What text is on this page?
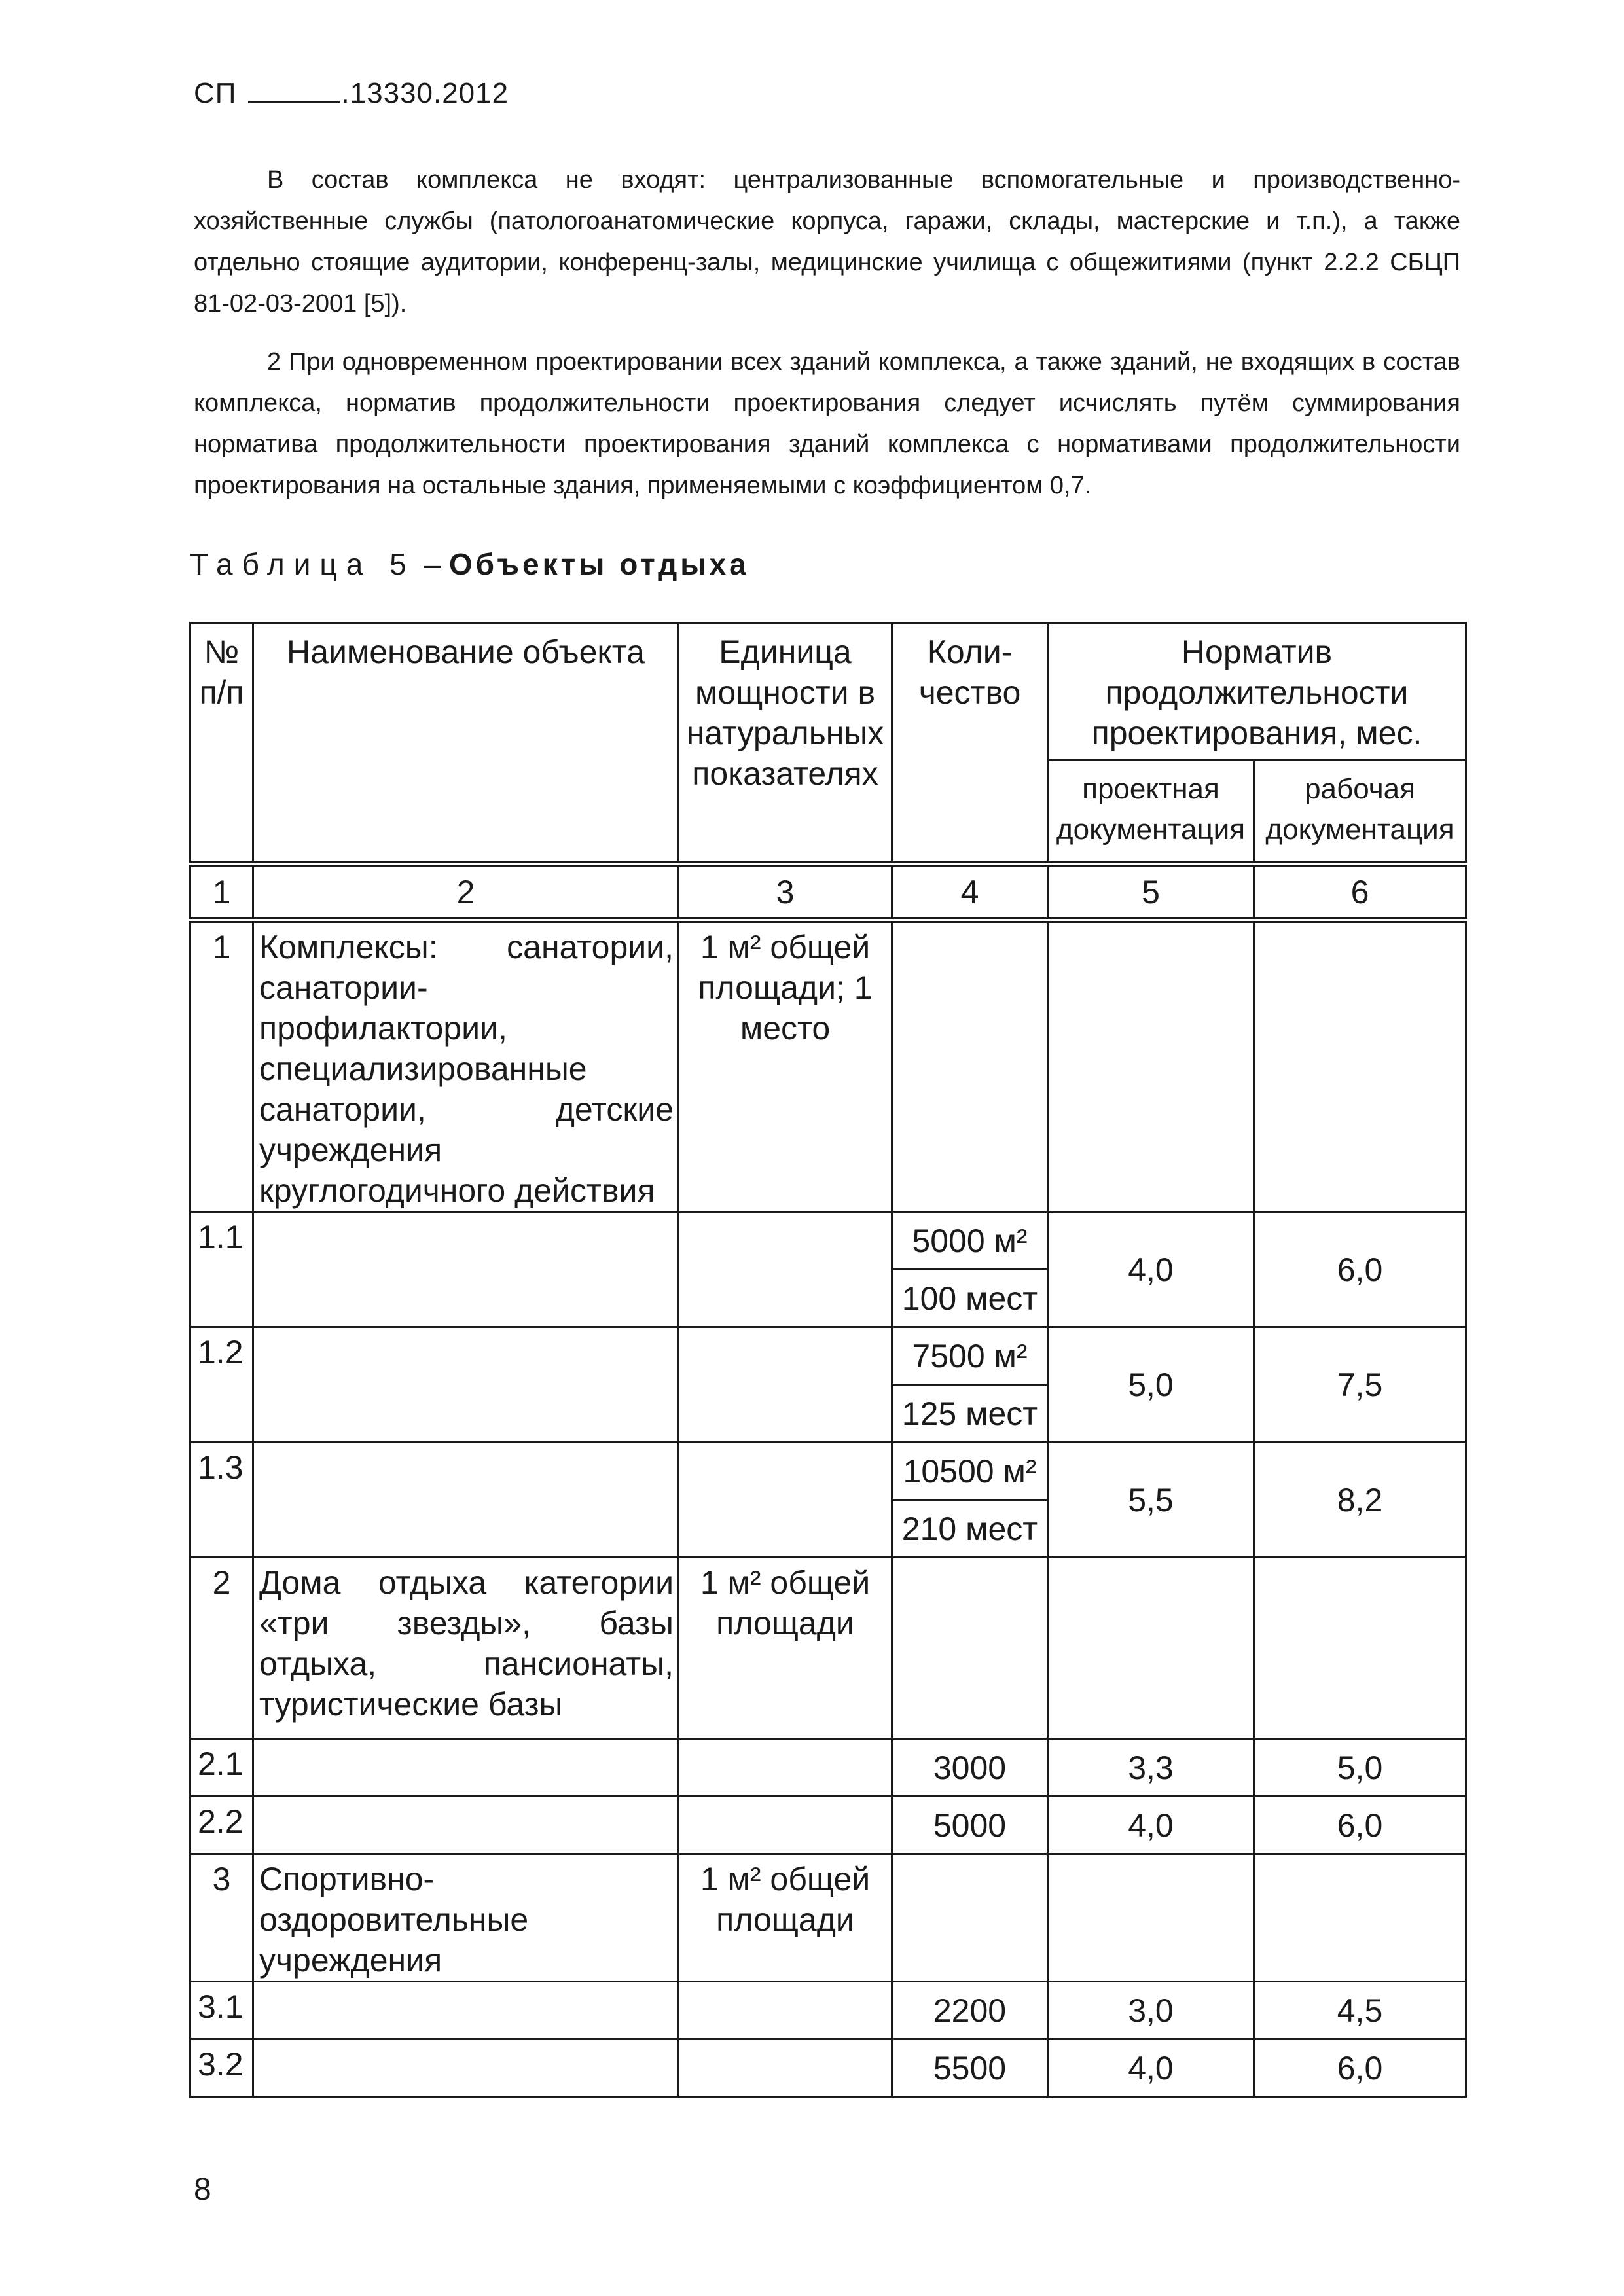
СП	.13330.2012

В состав комплекса не входят: централизованные вспомогательные и производственно-хозяйственные службы (патологоанатомические корпуса, гаражи, склады, мастерские и т.п.), а также отдельно стоящие аудитории, конференц-залы, медицинские училища с общежитиями (пункт 2.2.2 СБЦП 81-02-03-2001 [5]).

2 При одновременном проектировании всех зданий комплекса, а также зданий, не входящих в состав комплекса, норматив продолжительности проектирования следует исчислять путём суммирования норматива продолжительности проектирования зданий комплекса с нормативами продолжительности проектирования на остальные здания, применяемыми с коэффициентом 0,7.

Таблица 5 – Объекты отдыха
№ п/п	Наименование объекта	Единица мощности в натуральных показателях	Коли-чество	Норматив продолжительности проектирования, мес.	
				проектная документация	рабочая документация
1	2	3	4	5	6
1	Комплексы: санатории, санатории-профилактории, специализированные санатории, детские учреждения круглогодичного действия	1 м² общей площади; 1 место			
1.1			5000 м²	4,0	6,0
			100 мест		
1.2			7500 м²	5,0	7,5
			125 мест		
1.3			10500 м²	5,5	8,2
			210 мест		
2	Дома отдыха категории «три звезды», базы отдыха, пансионаты, туристические базы	1 м² общей площади			
2.1			3000	3,3	5,0
2.2			5000	4,0	6,0
3	Спортивно-оздоровительные учреждения	1 м² общей площади			
3.1			2200	3,0	4,5
3.2			5500	4,0	6,0
8
